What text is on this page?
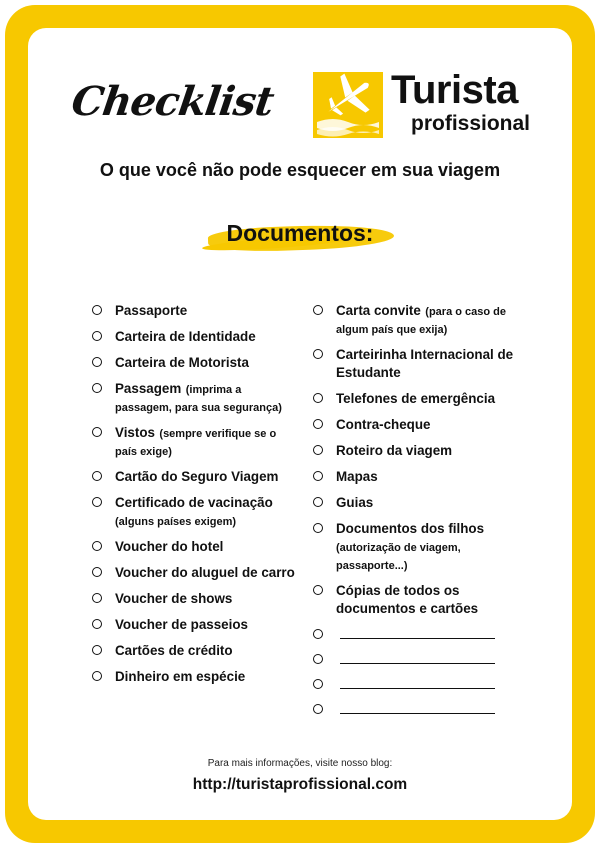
Checklist	Turista
profissional
O que você não pode esquecer em sua viagem
Documentos:
Passaporte
Carteira de Identidade
Carteira de Motorista
Passagem (imprima a passagem, para sua segurança)
Vistos (sempre verifique se o país exige)
Cartão do Seguro Viagem
Certificado de vacinação (alguns países exigem)
Voucher do hotel
Voucher do aluguel de carro
Voucher de shows
Voucher de passeios
Cartões de crédito
Dinheiro em espécie
Carta convite (para o caso de algum país que exija)
Carteirinha Internacional de Estudante
Telefones de emergência
Contra-cheque
Roteiro da viagem
Mapas
Guias
Documentos dos filhos (autorização de viagem, passaporte...)
Cópias de todos os documentos e cartões
Para mais informações, visite nosso blog:
http://turistaprofissional.com
